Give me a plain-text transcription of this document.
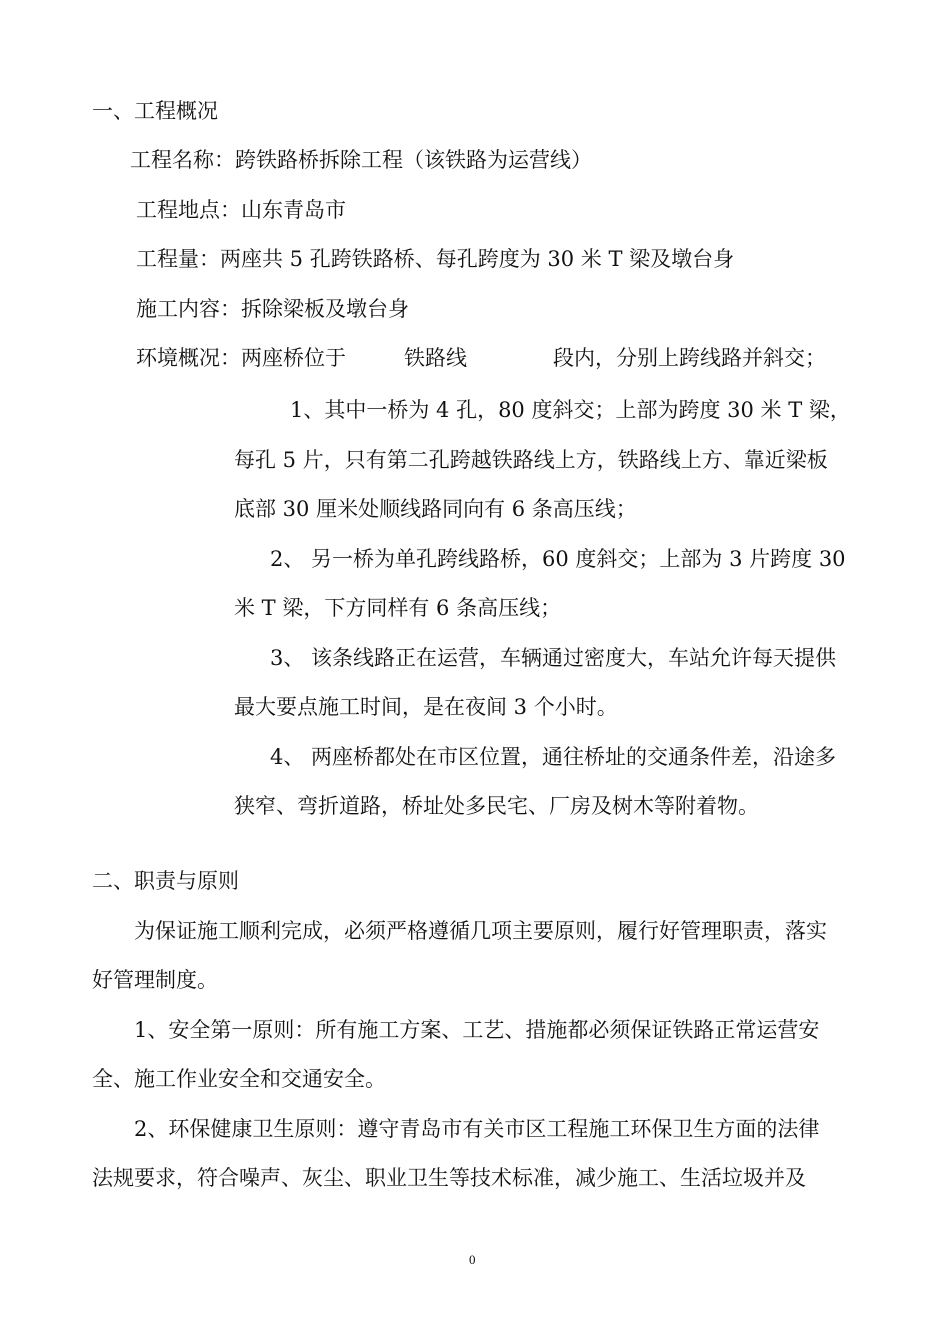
一、工程概况
工程名称：跨铁路桥拆除工程（该铁路为运营线）
工程地点：山东青岛市
工程量：两座共 5 孔跨铁路桥、每孔跨度为 30 米 T 梁及墩台身
施工内容：拆除梁板及墩台身
环境概况：两座桥位于	铁路线	段内，分别上跨线路并斜交；
1、其中一桥为 4 孔，80 度斜交；上部为跨度 30 米 T 梁，
每孔 5 片，只有第二孔跨越铁路线上方，铁路线上方、靠近梁板
底部 30 厘米处顺线路同向有 6 条高压线；
2、 另一桥为单孔跨线路桥，60 度斜交；上部为 3 片跨度 30
米 T 梁，下方同样有 6 条高压线；
3、 该条线路正在运营，车辆通过密度大，车站允许每天提供
最大要点施工时间，是在夜间 3 个小时。
4、 两座桥都处在市区位置，通往桥址的交通条件差，沿途多
狭窄、弯折道路，桥址处多民宅、厂房及树木等附着物。
二、职责与原则
为保证施工顺利完成，必须严格遵循几项主要原则，履行好管理职责，落实
好管理制度。
1、安全第一原则：所有施工方案、工艺、措施都必须保证铁路正常运营安
全、施工作业安全和交通安全。
2、环保健康卫生原则：遵守青岛市有关市区工程施工环保卫生方面的法律
法规要求，符合噪声、灰尘、职业卫生等技术标准，减少施工、生活垃圾并及
0
